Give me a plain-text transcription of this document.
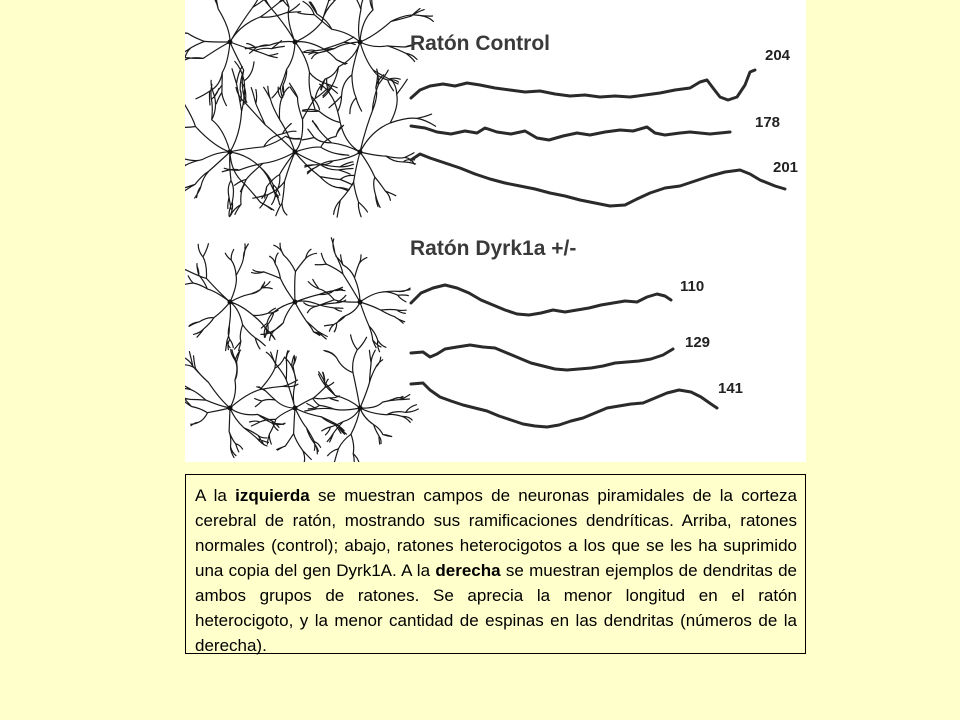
Ratón Control
Ratón Dyrk1a +/-
204
178
201
110
129
141

A la izquierda se muestran campos de neuronas piramidales de la corteza cerebral de ratón, mostrando sus ramificaciones dendríticas. Arriba, ratones normales (control); abajo, ratones heterocigotos a los que se les ha suprimido una copia del gen Dyrk1A. A la derecha se muestran ejemplos de dendritas de ambos grupos de ratones. Se aprecia la menor longitud en el ratón heterocigoto, y la menor cantidad de espinas en las dendritas (números de la derecha).
